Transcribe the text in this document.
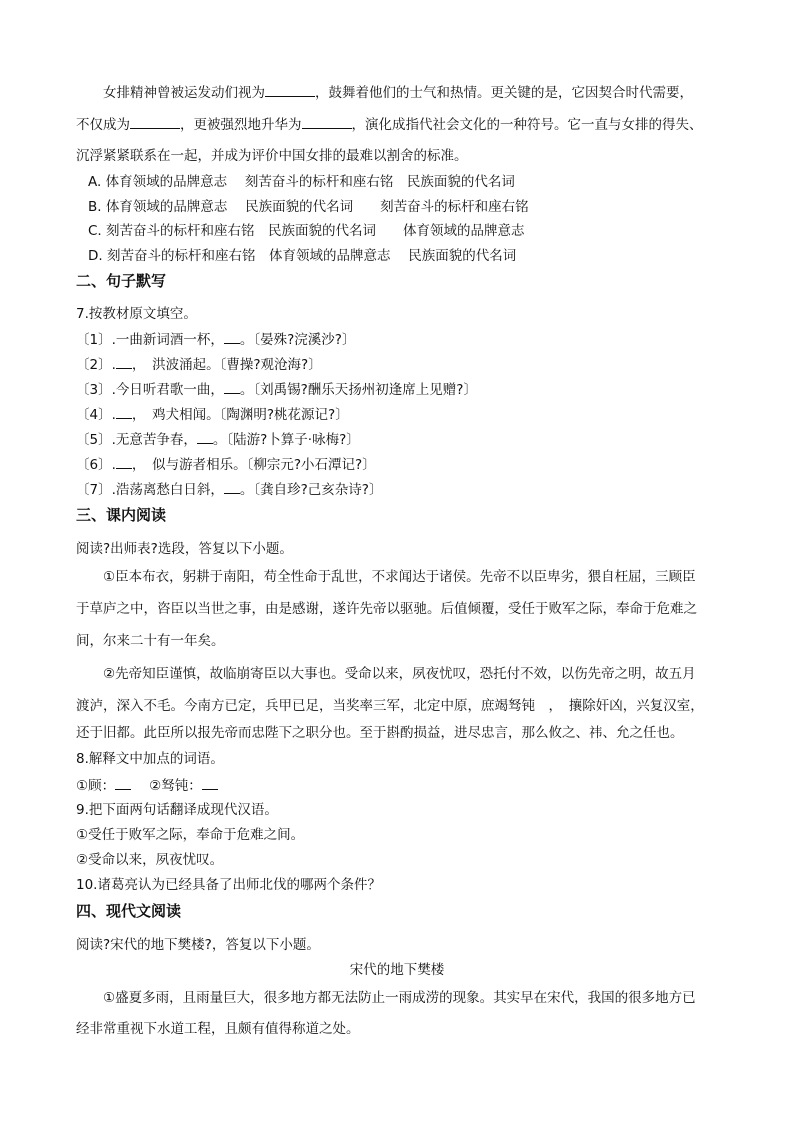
女排精神曾被运发动们视为	，鼓舞着他们的士气和热情。更关键的是，它因契合时代需要，
不仅成为	，更被强烈地升华为	，演化成指代社会文化的一种符号。它一直与女排的得失、
沉浮紧紧联系在一起，并成为评价中国女排的最难以割舍的标准。
A. 体育领域的品牌意志　 刻苦奋斗的标杆和座右铭　民族面貌的代名词
B. 体育领域的品牌意志　 民族面貌的代名词　　刻苦奋斗的标杆和座右铭
C. 刻苦奋斗的标杆和座右铭　民族面貌的代名词　　体育领域的品牌意志
D. 刻苦奋斗的标杆和座右铭　体育领域的品牌意志　 民族面貌的代名词
二、句子默写
7.按教材原文填空。
〔1〕.一曲新词酒一杯， 。〔晏殊?浣溪沙?〕
〔2〕. ，　洪波涌起。〔曹操?观沧海?〕
〔3〕.今日听君歌一曲， 。〔刘禹锡?酬乐天扬州初逢席上见赠?〕
〔4〕. ，　鸡犬相闻。〔陶渊明?桃花源记?〕
〔5〕.无意苦争春， 。〔陆游?卜算子·咏梅?〕
〔6〕. ，　似与游者相乐。〔柳宗元?小石潭记?〕
〔7〕.浩荡离愁白日斜， 。〔龚自珍?己亥杂诗?〕
三、课内阅读
阅读?出师表?选段，答复以下小题。
①臣本布衣，躬耕于南阳，苟全性命于乱世，不求闻达于诸侯。先帝不以臣卑劣，猥自枉屈，三顾臣
于草庐之中，咨臣以当世之事，由是感谢，遂许先帝以驱驰。后值倾覆，受任于败军之际，奉命于危难之
间，尔来二十有一年矣。
②先帝知臣谨慎，故临崩寄臣以大事也。受命以来，夙夜忧叹，恐托付不效，以伤先帝之明，故五月
渡泸，深入不毛。今南方已定，兵甲已足，当奖率三军，北定中原，庶竭驽钝　，　攘除奸凶，兴复汉室，
还于旧都。此臣所以报先帝而忠陛下之职分也。至于斟酌损益，进尽忠言，那么攸之、祎、允之任也。
8.解释文中加点的词语。
①顾：	②驽钝：
9.把下面两句话翻译成现代汉语。
①受任于败军之际，奉命于危难之间。
②受命以来，夙夜忧叹。
10.诸葛亮认为已经具备了出师北伐的哪两个条件？
四、现代文阅读
阅读?宋代的地下樊楼?，答复以下小题。
宋代的地下樊楼
①盛夏多雨，且雨量巨大，很多地方都无法防止一雨成涝的现象。其实早在宋代，我国的很多地方已
经非常重视下水道工程，且颇有值得称道之处。
